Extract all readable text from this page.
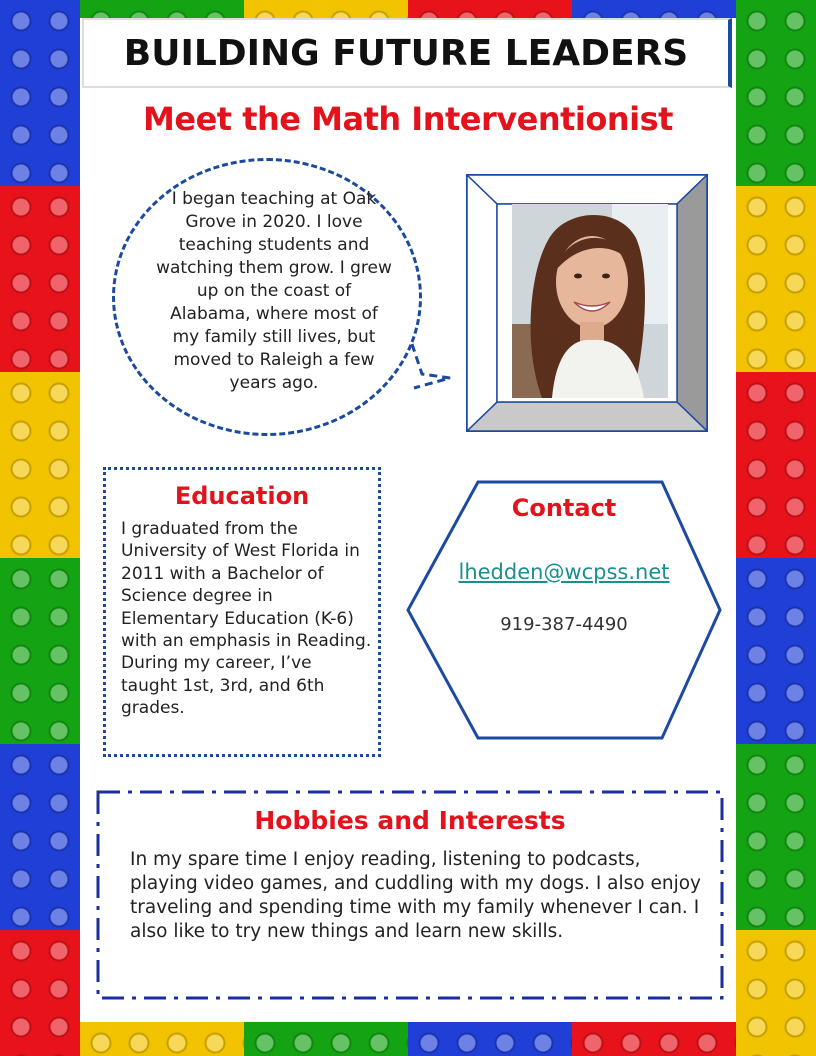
BUILDING FUTURE LEADERS
Meet the Math Interventionist
I began teaching at Oak Grove in 2020. I love teaching students and watching them grow. I grew up on the coast of Alabama, where most of my family still lives, but moved to Raleigh a few years ago.
Education
I graduated from the University of West Florida in 2011 with a Bachelor of Science degree in Elementary Education (K-6) with an emphasis in Reading. During my career, I’ve taught 1st, 3rd, and 6th grades.
Contact
lhedden@wcpss.net
919-387-4490
Hobbies and Interests
In my spare time I enjoy reading, listening to podcasts, playing video games, and cuddling with my dogs. I also enjoy traveling and spending time with my family whenever I can. I also like to try new things and learn new skills.
